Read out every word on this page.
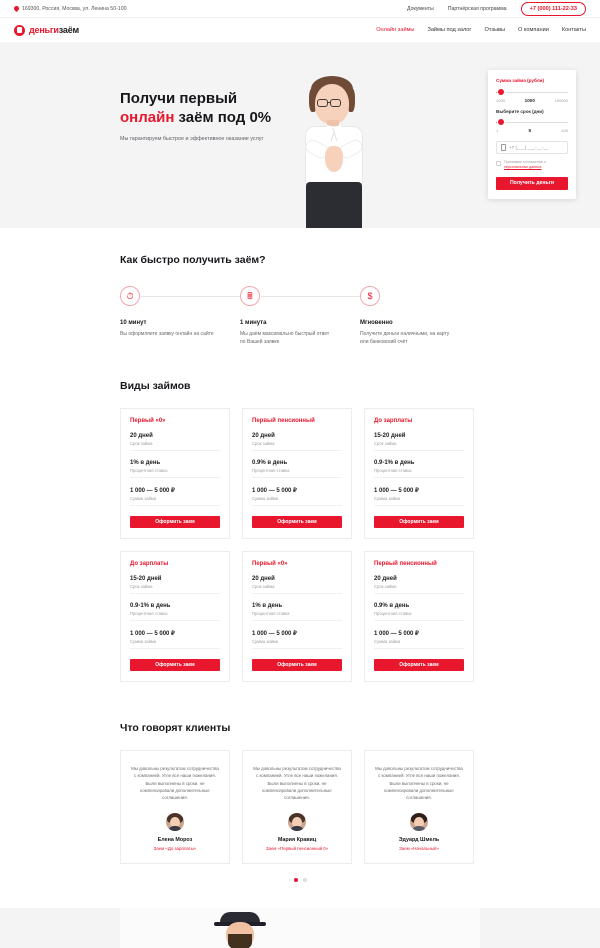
169300, Россия, Москва, ул. Ленина 50-100	Документы	Партнёрская программа	+7 (000) 111-22-33
деньгизаём	Онлайн займы Займы под залог Отзывы О компании Контакты
Получи первый
онлайн заём под 0%
Мы гарантируем быстрое и эффективное оказание услуг
Сумма займа (рубли)
1000	1000	100000
Выберите срок (дни)
1	5	100
+7 (___) ___-__-__
Принимаю соглашение о персональных данных
Получить деньги
Как быстро получить заём?
⏱
10 минут
Вы оформляете заявку онлайн на сайте
🖩
1 минута
Мы даём максимально быстрый ответ по Вашей заявке
$
Мгновенно
Получите деньги наличными, на карту или банковский счёт
Виды займов
Первый «0»
20 дней
Срок займа
1% в день
Процентная ставка
1 000 — 5 000 ₽
Сумма займа
Оформить заем
Первый пенсионный
20 дней
Срок займа
0.9% в день
Процентная ставка
1 000 — 5 000 ₽
Сумма займа
Оформить заем
До зарплаты
15-20 дней
Срок займа
0.9-1% в день
Процентная ставка
1 000 — 5 000 ₽
Сумма займа
Оформить заем
До зарплаты
15-20 дней
Срок займа
0.9-1% в день
Процентная ставка
1 000 — 5 000 ₽
Сумма займа
Оформить заем
Первый «0»
20 дней
Срок займа
1% в день
Процентная ставка
1 000 — 5 000 ₽
Сумма займа
Оформить заем
Первый пенсионный
20 дней
Срок займа
0.9% в день
Процентная ставка
1 000 — 5 000 ₽
Сумма займа
Оформить заем
Что говорят клиенты
Мы довольны результатом сотрудничества с компанией. Угле все наши пожелания. Были выполнены в сроки, не компенсировали дополнительные соглашения.
Елена Мороз
Заем «До зарплаты»
Мы довольны результатом сотрудничества с компанией. Угле все наши пожелания. Были выполнены в сроки, не компенсировали дополнительные соглашения.
Мария Кравиц
Заем «Первый пенсионный 0»
Мы довольны результатом сотрудничества с компанией. Угле все наши пожелания. Были выполнены в сроки, не компенсировали дополнительные соглашения.
Эдуард Шмель
Заем «Начальный»
